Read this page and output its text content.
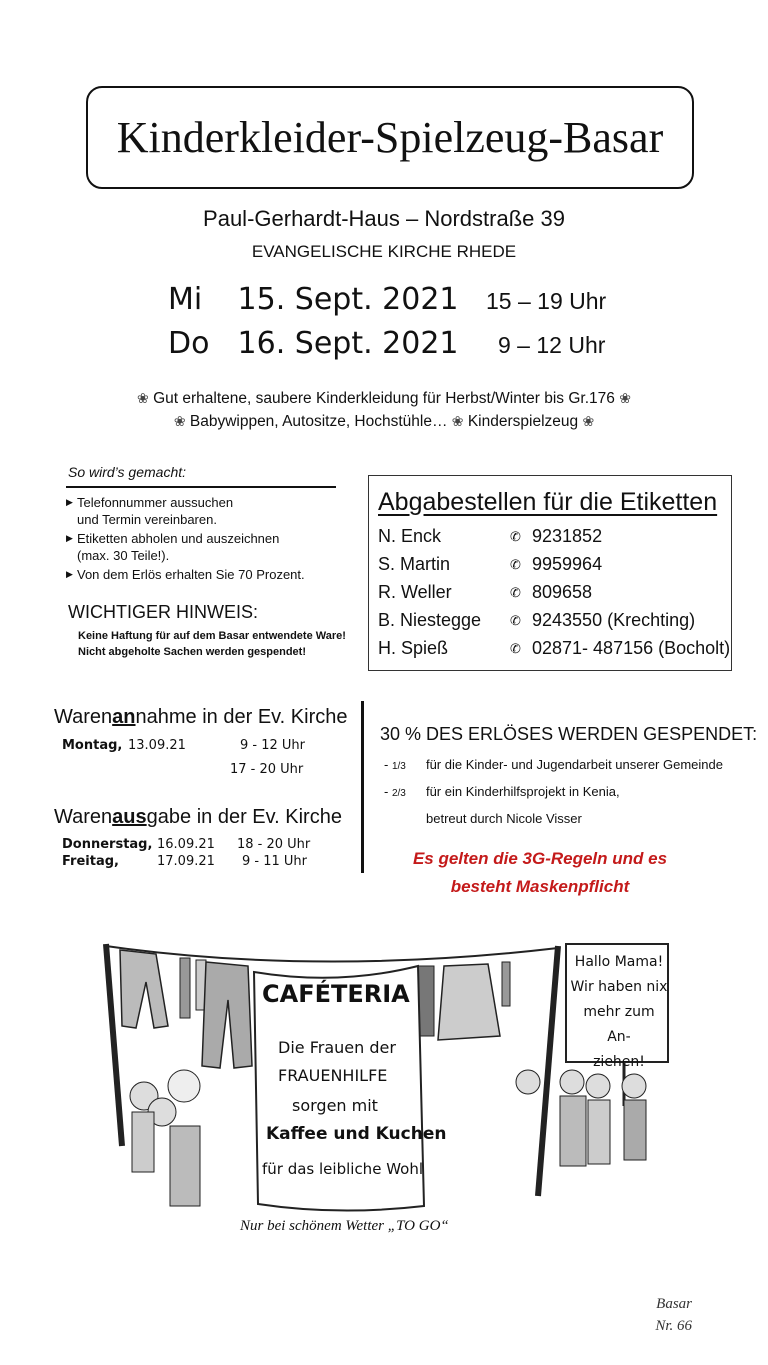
Kinderkleider-Spielzeug-Basar
Paul-Gerhardt-Haus – Nordstraße 39
EVANGELISCHE KIRCHE RHEDE
Mi 15. Sept. 2021 15 – 19 Uhr
Do 16. Sept. 2021 9 – 12 Uhr
❀ Gut erhaltene, saubere Kinderkleidung für Herbst/Winter bis Gr.176 ❀
❀ Babywippen, Autositze, Hochstühle… ❀ Kinderspielzeug ❀
So wird’s gemacht:
▶ Telefonnummer aussuchen
und Termin vereinbaren.
▶ Etiketten abholen und auszeichnen
(max. 30 Teile!).
▶ Von dem Erlös erhalten Sie 70 Prozent.
WICHTIGER HINWEIS:
Keine Haftung für auf dem Basar entwendete Ware!
Nicht abgeholte Sachen werden gespendet!
Abgabestellen für die Etiketten
N. Enck	✆ 9231852
S. Martin	✆ 9959964
R. Weller	✆ 809658
B. Niestegge	✆ 9243550 (Krechting)
H. Spieß	✆ 02871- 487156 (Bocholt)
Warenannahme in der Ev. Kirche
Montag, 13.09.21	9 - 12 Uhr
17 - 20 Uhr
Warenausgabe in der Ev. Kirche
Donnerstag, 16.09.21 18 - 20 Uhr
Freitag,	17.09.21 9 - 11 Uhr
30 % DES ERLÖSES WERDEN GESPENDET:
- 1/3 für die Kinder- und Jugendarbeit unserer Gemeinde
- 2/3 für ein Kinderhilfsprojekt in Kenia,
betreut durch Nicole Visser
Es gelten die 3G-Regeln und es
besteht Maskenpflicht
CAFÉTERIA
Die Frauen der
FRAUENHILFE
sorgen mit
Kaffee und Kuchen
für das leibliche Wohl
Hallo Mama!
Wir haben nix
mehr zum An-
ziehen!
Nur bei schönem Wetter „TO GO“
Basar
Nr. 66
